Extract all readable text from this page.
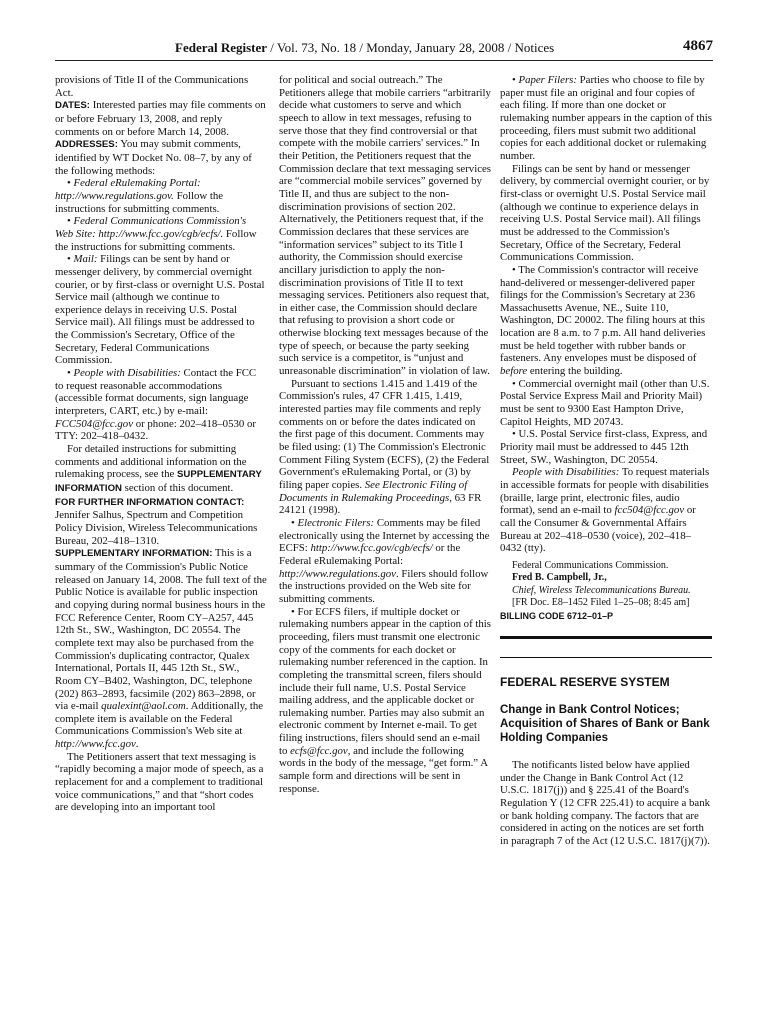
Federal Register / Vol. 73, No. 18 / Monday, January 28, 2008 / Notices	4867

provisions of Title II of the Communications Act.

DATES: Interested parties may file comments on or before February 13, 2008, and reply comments on or before March 14, 2008.

ADDRESSES: You may submit comments, identified by WT Docket No. 08–7, by any of the following methods:

• Federal eRulemaking Portal: http://www.regulations.gov. Follow the instructions for submitting comments.

• Federal Communications Commission's Web Site: http://www.fcc.gov/cgb/ecfs/. Follow the instructions for submitting comments.

• Mail: Filings can be sent by hand or messenger delivery, by commercial overnight courier, or by first-class or overnight U.S. Postal Service mail (although we continue to experience delays in receiving U.S. Postal Service mail). All filings must be addressed to the Commission's Secretary, Office of the Secretary, Federal Communications Commission.

• People with Disabilities: Contact the FCC to request reasonable accommodations (accessible format documents, sign language interpreters, CART, etc.) by e-mail: FCC504@fcc.gov or phone: 202–418–0530 or TTY: 202–418–0432.

For detailed instructions for submitting comments and additional information on the rulemaking process, see the SUPPLEMENTARY INFORMATION section of this document.

FOR FURTHER INFORMATION CONTACT: Jennifer Salhus, Spectrum and Competition Policy Division, Wireless Telecommunications Bureau, 202–418–1310.

SUPPLEMENTARY INFORMATION: This is a summary of the Commission's Public Notice released on January 14, 2008. The full text of the Public Notice is available for public inspection and copying during normal business hours in the FCC Reference Center, Room CY–A257, 445 12th St., SW., Washington, DC 20554. The complete text may also be purchased from the Commission's duplicating contractor, Qualex International, Portals II, 445 12th St., SW., Room CY–B402, Washington, DC, telephone (202) 863–2893, facsimile (202) 863–2898, or via e-mail qualexint@aol.com. Additionally, the complete item is available on the Federal Communications Commission's Web site at http://www.fcc.gov.

The Petitioners assert that text messaging is “rapidly becoming a major mode of speech, as a replacement for and a complement to traditional voice communications,” and that “short codes are developing into an important tool

for political and social outreach.” The Petitioners allege that mobile carriers “arbitrarily decide what customers to serve and which speech to allow in text messages, refusing to serve those that they find controversial or that compete with the mobile carriers' services.” In their Petition, the Petitioners request that the Commission declare that text messaging services are “commercial mobile services” governed by Title II, and thus are subject to the non-discrimination provisions of section 202. Alternatively, the Petitioners request that, if the Commission declares that these services are “information services” subject to its Title I authority, the Commission should exercise ancillary jurisdiction to apply the non-discrimination provisions of Title II to text messaging services. Petitioners also request that, in either case, the Commission should declare that refusing to provision a short code or otherwise blocking text messages because of the type of speech, or because the party seeking such service is a competitor, is “unjust and unreasonable discrimination” in violation of law.

Pursuant to sections 1.415 and 1.419 of the Commission's rules, 47 CFR 1.415, 1.419, interested parties may file comments and reply comments on or before the dates indicated on the first page of this document. Comments may be filed using: (1) The Commission's Electronic Comment Filing System (ECFS), (2) the Federal Government's eRulemaking Portal, or (3) by filing paper copies. See Electronic Filing of Documents in Rulemaking Proceedings, 63 FR 24121 (1998).

• Electronic Filers: Comments may be filed electronically using the Internet by accessing the ECFS: http://www.fcc.gov/cgb/ecfs/ or the Federal eRulemaking Portal: http://www.regulations.gov. Filers should follow the instructions provided on the Web site for submitting comments.

• For ECFS filers, if multiple docket or rulemaking numbers appear in the caption of this proceeding, filers must transmit one electronic copy of the comments for each docket or rulemaking number referenced in the caption. In completing the transmittal screen, filers should include their full name, U.S. Postal Service mailing address, and the applicable docket or rulemaking number. Parties may also submit an electronic comment by Internet e-mail. To get filing instructions, filers should send an e-mail to ecfs@fcc.gov, and include the following words in the body of the message, “get form.” A sample form and directions will be sent in response.

• Paper Filers: Parties who choose to file by paper must file an original and four copies of each filing. If more than one docket or rulemaking number appears in the caption of this proceeding, filers must submit two additional copies for each additional docket or rulemaking number.

Filings can be sent by hand or messenger delivery, by commercial overnight courier, or by first-class or overnight U.S. Postal Service mail (although we continue to experience delays in receiving U.S. Postal Service mail). All filings must be addressed to the Commission's Secretary, Office of the Secretary, Federal Communications Commission.

• The Commission's contractor will receive hand-delivered or messenger-delivered paper filings for the Commission's Secretary at 236 Massachusetts Avenue, NE., Suite 110, Washington, DC 20002. The filing hours at this location are 8 a.m. to 7 p.m. All hand deliveries must be held together with rubber bands or fasteners. Any envelopes must be disposed of before entering the building.

• Commercial overnight mail (other than U.S. Postal Service Express Mail and Priority Mail) must be sent to 9300 East Hampton Drive, Capitol Heights, MD 20743.

• U.S. Postal Service first-class, Express, and Priority mail must be addressed to 445 12th Street, SW., Washington, DC 20554.

People with Disabilities: To request materials in accessible formats for people with disabilities (braille, large print, electronic files, audio format), send an e-mail to fcc504@fcc.gov or call the Consumer & Governmental Affairs Bureau at 202–418–0530 (voice), 202–418–0432 (tty).

Federal Communications Commission.

Fred B. Campbell, Jr.,

Chief, Wireless Telecommunications Bureau.

[FR Doc. E8–1452 Filed 1–25–08; 8:45 am]

BILLING CODE 6712–01–P

FEDERAL RESERVE SYSTEM
Change in Bank Control Notices; Acquisition of Shares of Bank or Bank Holding Companies

The notificants listed below have applied under the Change in Bank Control Act (12 U.S.C. 1817(j)) and § 225.41 of the Board's Regulation Y (12 CFR 225.41) to acquire a bank or bank holding company. The factors that are considered in acting on the notices are set forth in paragraph 7 of the Act (12 U.S.C. 1817(j)(7)).
